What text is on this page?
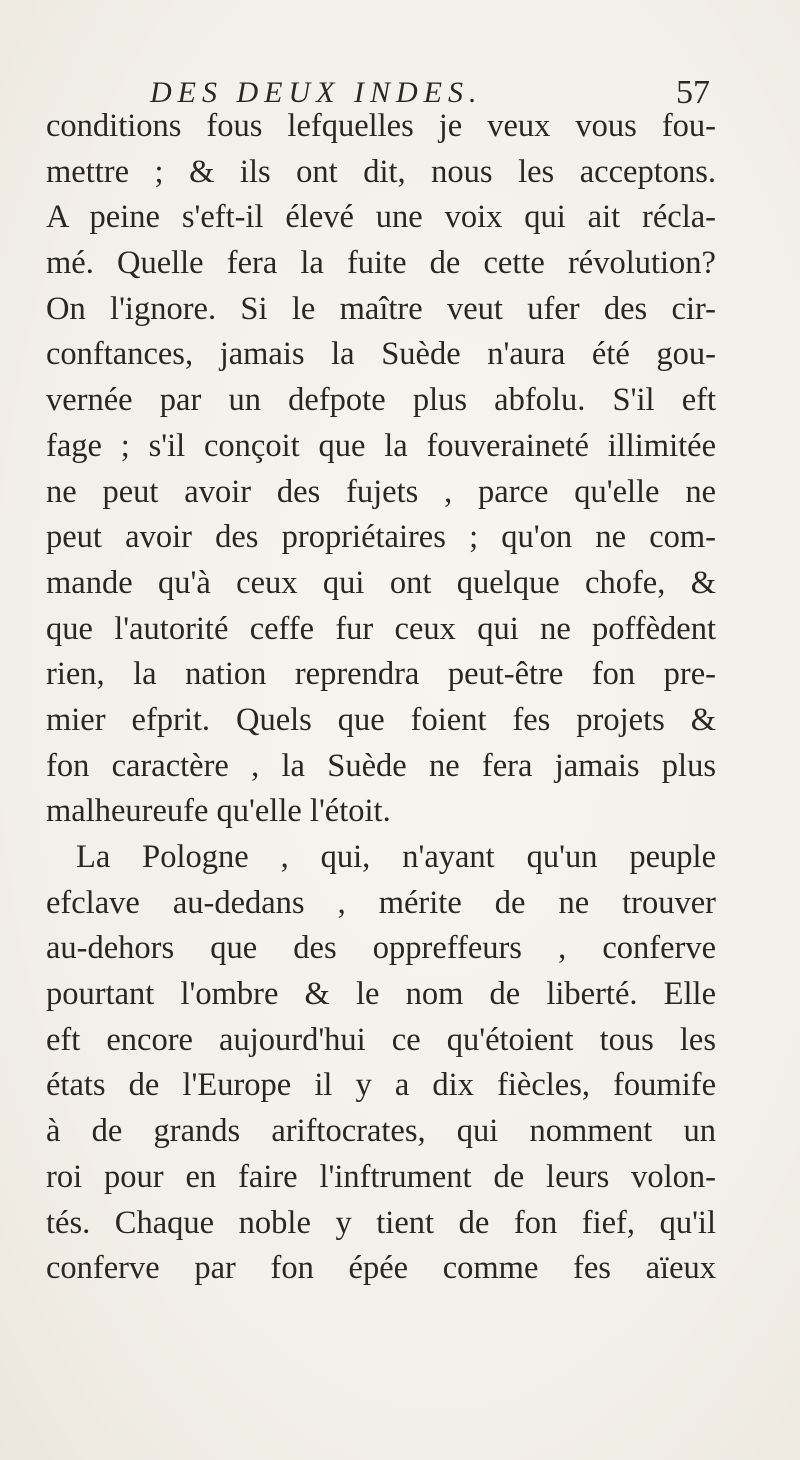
DES DEUX INDES.	57
conditions fous lefquelles je veux vous fou-
mettre ; & ils ont dit, nous les acceptons.
A peine s'eft-il élevé une voix qui ait récla-
mé. Quelle fera la fuite de cette révolution?
On l'ignore. Si le maître veut ufer des cir-
conftances, jamais la Suède n'aura été gou-
vernée par un defpote plus abfolu. S'il eft
fage ; s'il conçoit que la fouveraineté illimitée
ne peut avoir des fujets , parce qu'elle ne
peut avoir des propriétaires ; qu'on ne com-
mande qu'à ceux qui ont quelque chofe, &
que l'autorité ceffe fur ceux qui ne poffèdent
rien, la nation reprendra peut-être fon pre-
mier efprit. Quels que foient fes projets &
fon caractère , la Suède ne fera jamais plus
malheureufe qu'elle l'étoit.
La Pologne , qui, n'ayant qu'un peuple
efclave au-dedans , mérite de ne trouver
au-dehors que des oppreffeurs , conferve
pourtant l'ombre & le nom de liberté. Elle
eft encore aujourd'hui ce qu'étoient tous les
états de l'Europe il y a dix fiècles, foumife
à de grands ariftocrates, qui nomment un
roi pour en faire l'inftrument de leurs volon-
tés. Chaque noble y tient de fon fief, qu'il
conferve par fon épée comme fes aïeux
